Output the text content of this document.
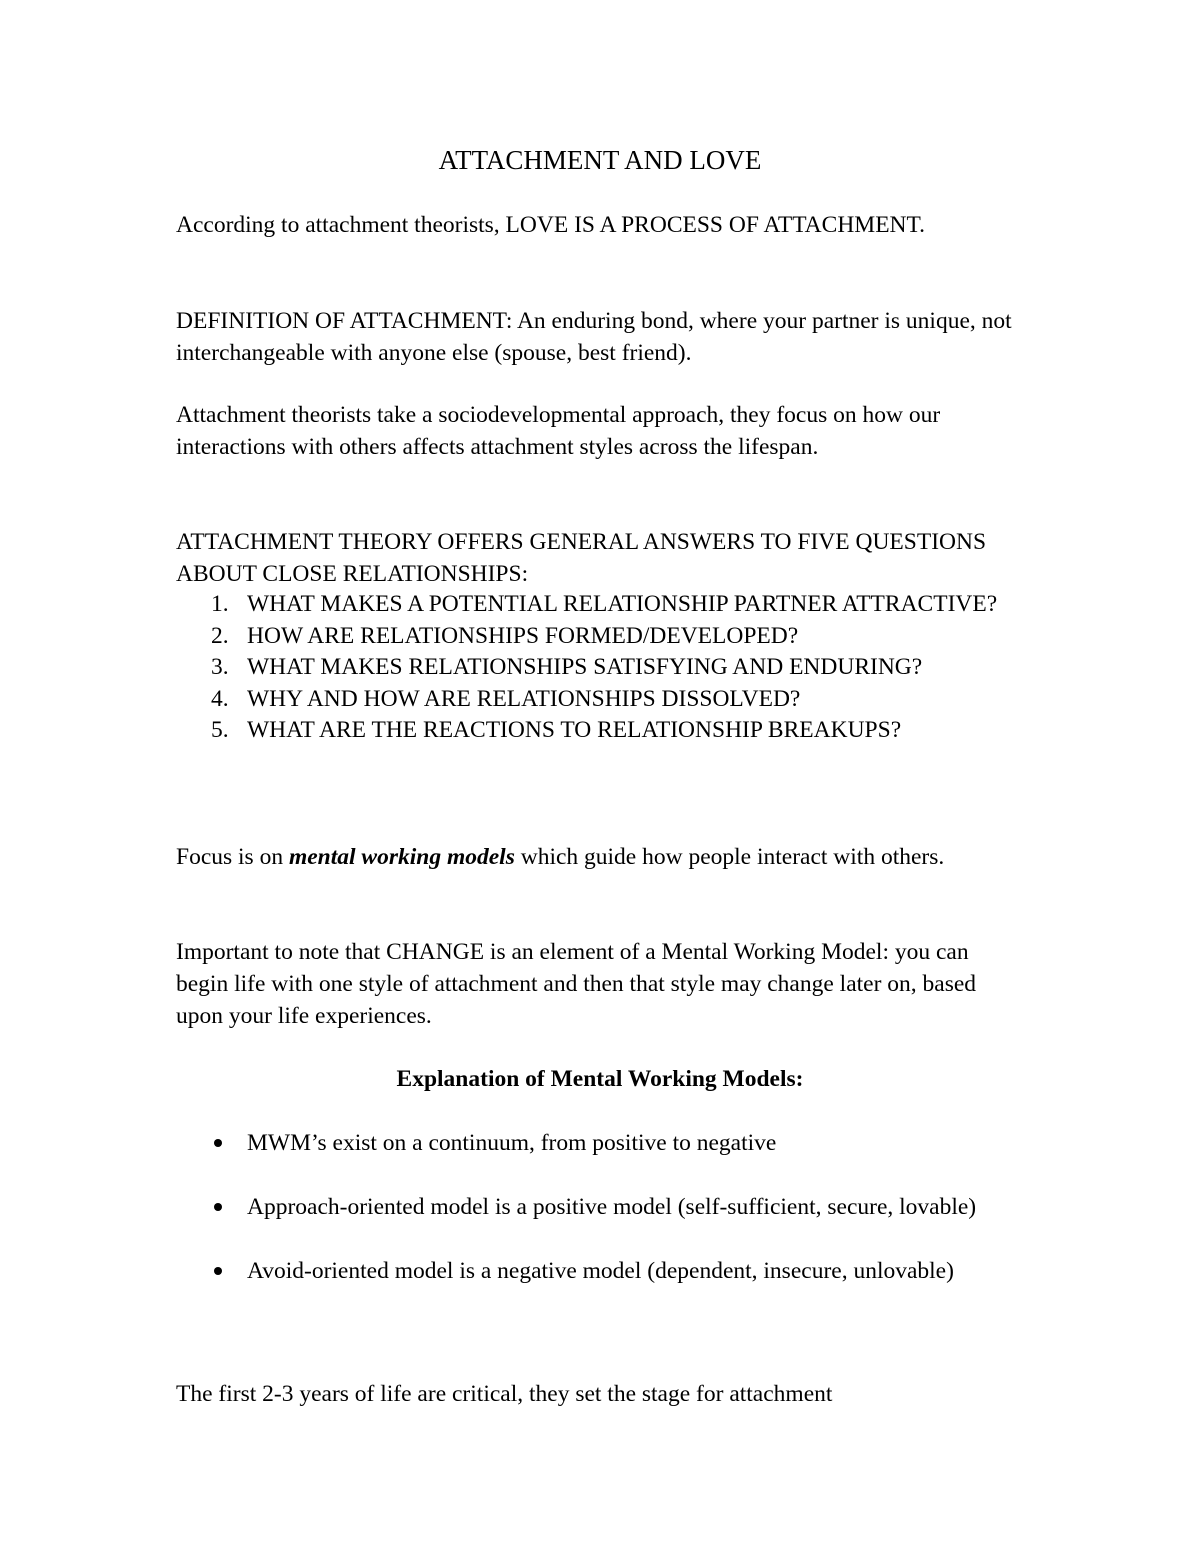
ATTACHMENT AND LOVE

According to attachment theorists, LOVE IS A PROCESS OF ATTACHMENT.

DEFINITION OF ATTACHMENT: An enduring bond, where your partner is unique, not interchangeable with anyone else (spouse, best friend).

Attachment theorists take a sociodevelopmental approach, they focus on how our interactions with others affects attachment styles across the lifespan.

ATTACHMENT THEORY OFFERS GENERAL ANSWERS TO FIVE QUESTIONS ABOUT CLOSE RELATIONSHIPS:

1. WHAT MAKES A POTENTIAL RELATIONSHIP PARTNER ATTRACTIVE?
2. HOW ARE RELATIONSHIPS FORMED/DEVELOPED?
3. WHAT MAKES RELATIONSHIPS SATISFYING AND ENDURING?
4. WHY AND HOW ARE RELATIONSHIPS DISSOLVED?
5. WHAT ARE THE REACTIONS TO RELATIONSHIP BREAKUPS?

Focus is on mental working models which guide how people interact with others.

Important to note that CHANGE is an element of a Mental Working Model: you can begin life with one style of attachment and then that style may change later on, based upon your life experiences.

Explanation of Mental Working Models:
MWM’s exist on a continuum, from positive to negative
Approach-oriented model is a positive model (self-sufficient, secure, lovable)
Avoid-oriented model is a negative model (dependent, insecure, unlovable)

The first 2-3 years of life are critical, they set the stage for attachment
